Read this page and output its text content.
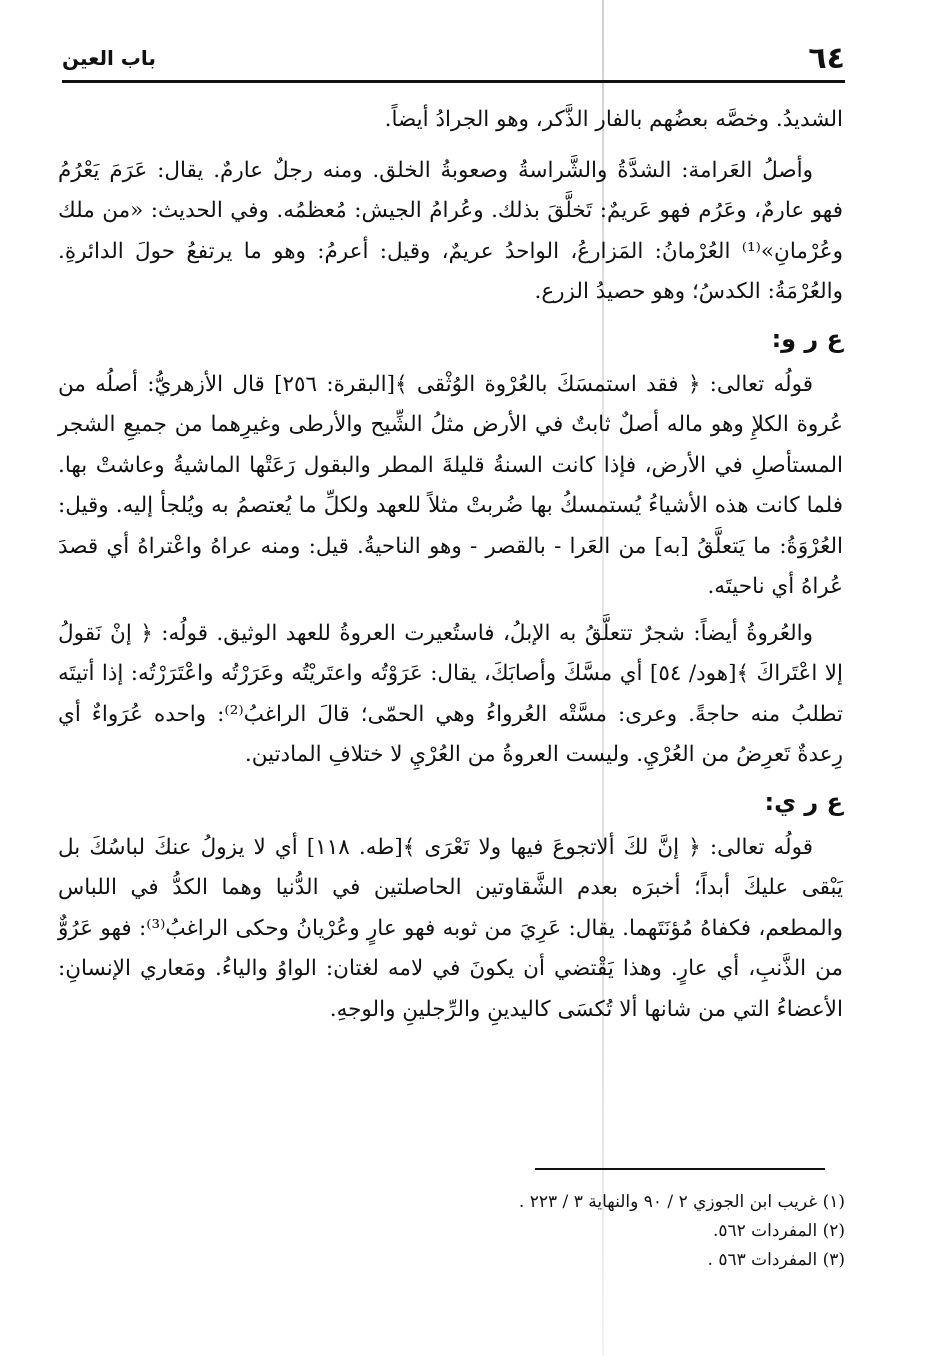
٦٤
باب العين

الشديدُ. وخصَّه بعضُهم بالفار الذَّكر، وهو الجرادُ أيضاً.

وأصلُ العَرامة: الشدَّةُ والشَّراسةُ وصعوبةُ الخلق. ومنه رجلٌ عارمٌ. يقال: عَرَمَ يَعْرُمُ فهو عارمٌ، وعَرُم فهو عَريمٌ: تَخلَّقَ بذلك. وعُرامُ الجيش: مُعظمُه. وفي الحديث: «من ملك وعُرْمانِ»⁽¹⁾ العُرْمانُ: المَزارعُ، الواحدُ عريمٌ، وقيل: أعرمُ: وهو ما يرتفعُ حولَ الدائرةِ. والعُرْمَةُ: الكدسُ؛ وهو حصيدُ الزرع.

ع ر و:

قولُه تعالى: ﴿ فقد استمسَكَ بالعُرْوة الوُثْقى ﴾[البقرة: ٢٥٦] قال الأزهريُّ: أصلُه من عُروة الكلإِ وهو ماله أصلٌ ثابتٌ في الأرض مثلُ الشِّيح والأرطى وغيرِهما من جميعِ الشجر المستأصلِ في الأرض، فإذا كانت السنةُ قليلةَ المطر والبقول رَعَتْها الماشيةُ وعاشتْ بها. فلما كانت هذه الأشياءُ يُستمسكُ بها ضُربتْ مثلاً للعهد ولكلِّ ما يُعتصمُ به ويُلجأ إليه. وقيل: العُرْوَةُ: ما يَتعلَّقُ [به] من العَرا - بالقصر - وهو الناحيةُ. قيل: ومنه عراهُ واعْتراهُ أي قصدَ عُراهُ أي ناحيتَه.

والعُروةُ أيضاً: شجرٌ تتعلَّقُ به الإبلُ، فاستُعيرت العروةُ للعهد الوثيق. قولُه: ﴿ إنْ نَقولُ إلا اعْتَراكَ ﴾[هود/ ٥٤] أي مسَّكَ وأصابَكَ، يقال: عَرَوْتُه واعتَريْتُه وعَرَرْتُه واعْتَرَرْتُه: إذا أتيتَه تطلبُ منه حاجةً. وعرى: مسَّتْه العُرواءُ وهي الحمّى؛ قالَ الراغبُ⁽²⁾: واحده عُرَواءٌ أي رِعدةٌ تَعرِضُ من العُرْيِ. وليست العروةُ من العُرْيِ لا ختلافِ المادتين.

ع ر ي:

قولُه تعالى: ﴿ إنَّ لكَ ألاتجوعَ فيها ولا تَعْرَى ﴾[طه. ١١٨] أي لا يزولُ عنكَ لباسُكَ بل يَبْقى عليكَ أبداً؛ أخبرَه بعدم الشَّقاوتين الحاصلتين في الدُّنيا وهما الكدُّ في اللباس والمطعم، فكفاهُ مُؤنَتَهما. يقال: عَرِيَ من ثوبه فهو عارٍ وعُرْيانُ وحكى الراغبُ⁽³⁾: فهو عَرُوٌّ من الذَّنبِ، أي عارٍ. وهذا يَقْتضي أن يكونَ في لامه لغتان: الواوُ والياءُ. ومَعاري الإنسانِ: الأعضاءُ التي من شانها ألا تُكسَى كاليدينِ والرِّجلينِ والوجهِ.

(١) غريب ابن الجوزي ٢ / ٩٠ والنهاية ٣ / ٢٢٣ .

(٢) المفردات ٥٦٢.

(٣) المفردات ٥٦٣ .
